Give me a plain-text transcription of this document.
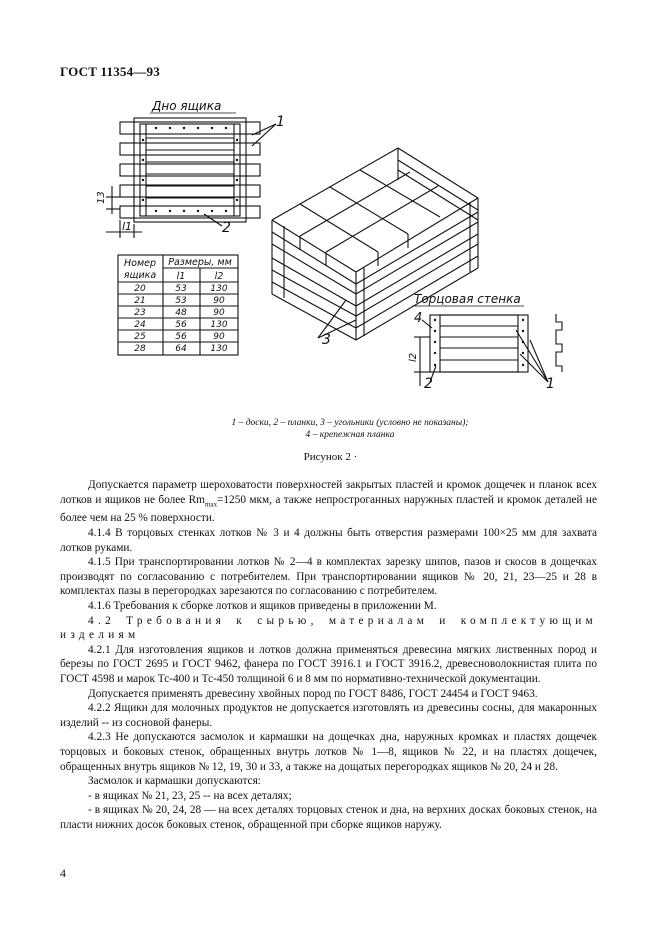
ГОСТ 11354—93
Дно ящика
1
2
13
l1
3
Торцовая стенка
4
2	1
l2
Номер
ящика
Размеры, мм
l1	l2
20	53	130
21	53	90
23	48	90
24	56	130
25	56	90
28	64	130
1 – доски, 2 – планки, 3 – угольники (условно не показаны);
4 – крепежная планка
Рисунок 2 ·

Допускается параметр шероховатости поверхностей закрытых пластей и кромок дощечек и планок всех лотков и ящиков не более $Rm_{max}=1250$ мкм, а также непрострoганных наружных пластей и кромок деталей не более чем на 25 % поверхности.

4.1.4 В торцовых стенках лотков № 3 и 4 должны быть отверстия размерами 100×25 мм для захвата лотков руками.

4.1.5 При транспортировании лотков № 2—4 в комплектах зарезку шипов, пазов и скосов в дощечках производят по согласованию с потребителем. При транспортировании ящиков № 20, 21, 23—25 и 28 в комплектах пазы в перегородках зарезаются по согласованию с потребителем.

4.1.6 Требования к сборке лотков и ящиков приведены в приложении М.

4.2 Требования к сырью, материалам и комплектующим изделиям

4.2.1 Для изготовления ящиков и лотков должна применяться древесина мягких лиственных пород и березы по ГОСТ 2695 и ГОСТ 9462, фанера по ГОСТ 3916.1 и ГОСТ 3916.2, древесноволокнистая плита по ГОСТ 4598 и марок Тс-400 и Тс-450 толщиной 6 и 8 мм по нормативно-технической документации.

Допускается применять древесину хвойных пород по ГОСТ 8486, ГОСТ 24454 и ГОСТ 9463.

4.2.2 Ящики для молочных продуктов не допускается изготовлять из древесины сосны, для макаронных изделий -- из сосновой фанеры.

4.2.3 Не допускаются засмолок и кармашки на дощечках дна, наружных кромках и пластях дощечек торцовых и боковых стенок, обращенных внутрь лотков № 1—8, ящиков № 22, и на пластях дощечек, обращенных внутрь ящиков № 12, 19, 30 и 33, а также на дощатых перегородках ящиков № 20, 24 и 28.

Засмолок и кармашки допускаются:

- в ящиках № 21, 23, 25 -- на всех деталях;

- в ящиках № 20, 24, 28 — на всех деталях торцовых стенок и дна, на верхних досках боковых стенок, на пласти нижних досок боковых стенок, обращенной при сборке ящиков наружу.

4
